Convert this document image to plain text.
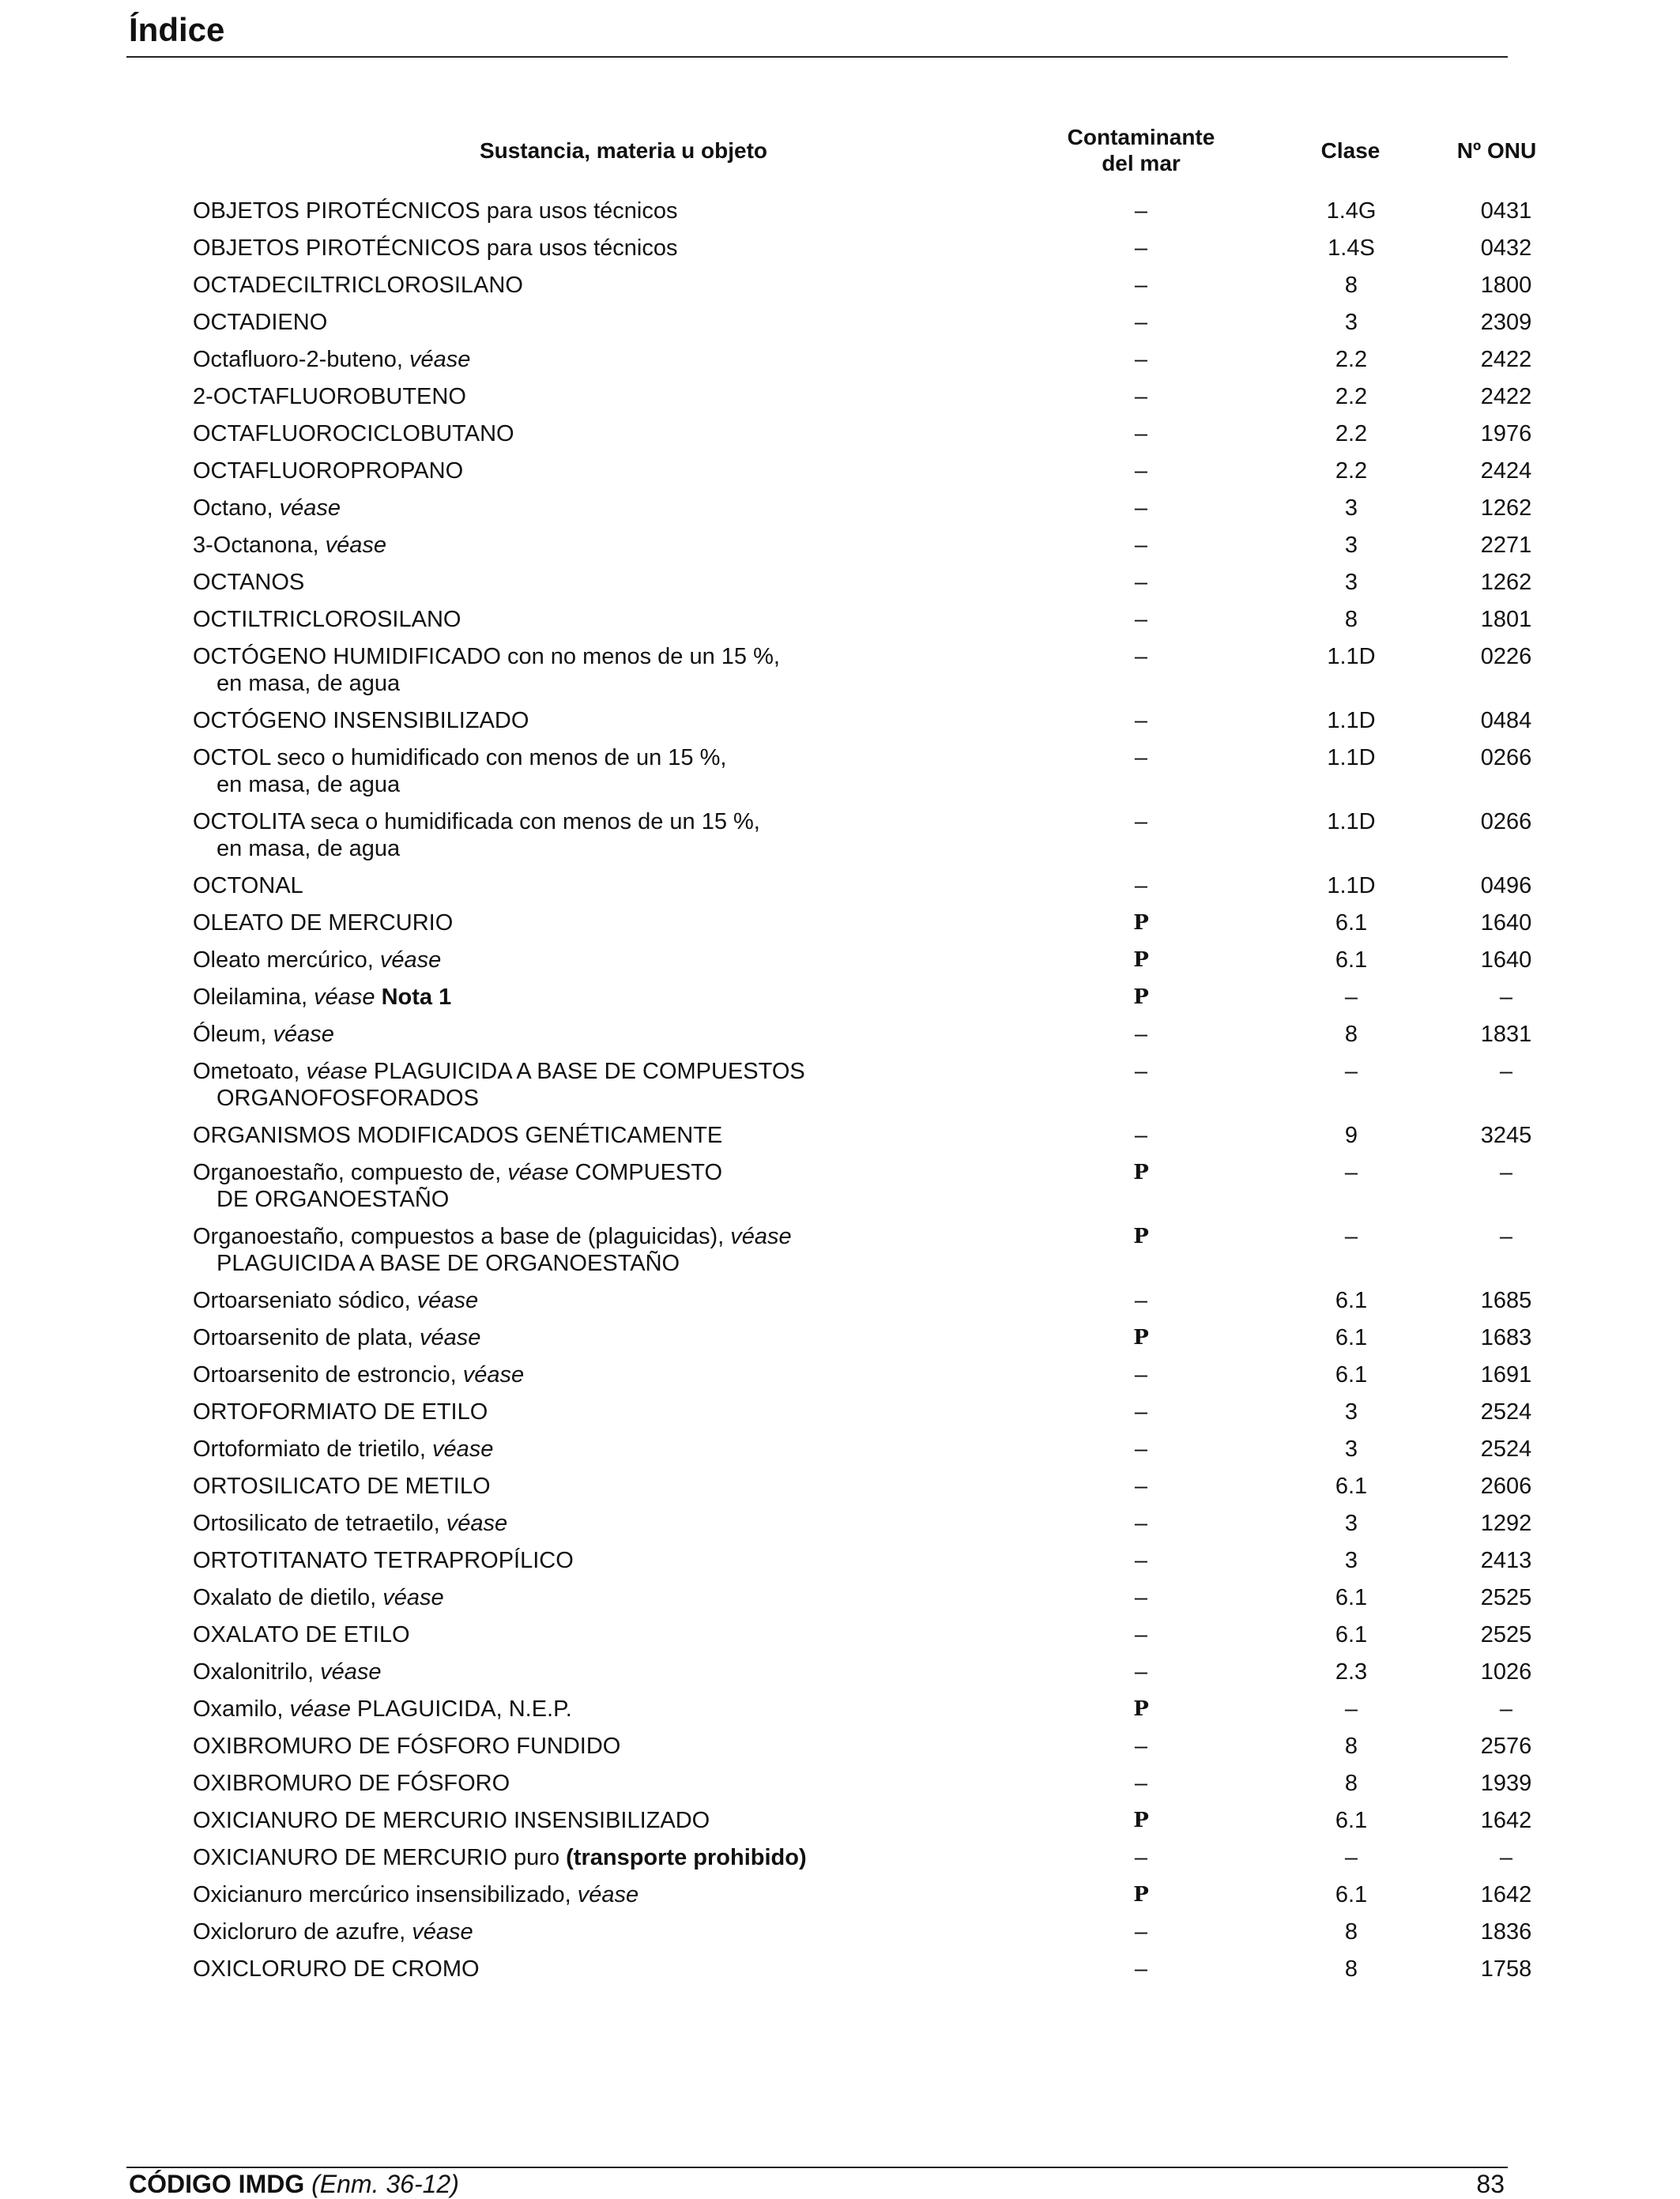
Índice
Sustancia, materia u objeto
Contaminante
del mar
Clase	Nº ONU
OBJETOS PIROTÉCNICOS para usos técnicos	–	1.4G	0431
OBJETOS PIROTÉCNICOS para usos técnicos	–	1.4S	0432
OCTADECILTRICLOROSILANO	–	8	1800
OCTADIENO	–	3	2309
Octafluoro-2-buteno, véase	–	2.2	2422
2-OCTAFLUOROBUTENO	–	2.2	2422
OCTAFLUOROCICLOBUTANO	–	2.2	1976
OCTAFLUOROPROPANO	–	2.2	2424
Octano, véase	–	3	1262
3-Octanona, véase	–	3	2271
OCTANOS	–	3	1262
OCTILTRICLOROSILANO	–	8	1801
OCTÓGENO HUMIDIFICADO con no menos de un 15 %,
en masa, de agua
–	1.1D	0226
OCTÓGENO INSENSIBILIZADO	–	1.1D	0484
OCTOL seco o humidificado con menos de un 15 %,
en masa, de agua
–	1.1D	0266
OCTOLITA seca o humidificada con menos de un 15 %,
en masa, de agua
–	1.1D	0266
OCTONAL	–	1.1D	0496
OLEATO DE MERCURIO	P	6.1	1640
Oleato mercúrico, véase	P	6.1	1640
Oleilamina, véase Nota 1	P	–	–
Óleum, véase	–	8	1831
Ometoato, véase PLAGUICIDA A BASE DE COMPUESTOS
ORGANOFOSFORADOS
–	–	–
ORGANISMOS MODIFICADOS GENÉTICAMENTE	–	9	3245
Organoestaño, compuesto de, véase COMPUESTO
DE ORGANOESTAÑO
P	–	–
Organoestaño, compuestos a base de (plaguicidas), véase
PLAGUICIDA A BASE DE ORGANOESTAÑO
P	–	–
Ortoarseniato sódico, véase	–	6.1	1685
Ortoarsenito de plata, véase	P	6.1	1683
Ortoarsenito de estroncio, véase	–	6.1	1691
ORTOFORMIATO DE ETILO	–	3	2524
Ortoformiato de trietilo, véase	–	3	2524
ORTOSILICATO DE METILO	–	6.1	2606
Ortosilicato de tetraetilo, véase	–	3	1292
ORTOTITANATO TETRAPROPÍLICO	–	3	2413
Oxalato de dietilo, véase	–	6.1	2525
OXALATO DE ETILO	–	6.1	2525
Oxalonitrilo, véase	–	2.3	1026
Oxamilo, véase PLAGUICIDA, N.E.P.	P	–	–
OXIBROMURO DE FÓSFORO FUNDIDO	–	8	2576
OXIBROMURO DE FÓSFORO	–	8	1939
OXICIANURO DE MERCURIO INSENSIBILIZADO	P	6.1	1642
OXICIANURO DE MERCURIO puro (transporte prohibido)	–	–	–
Oxicianuro mercúrico insensibilizado, véase	P	6.1	1642
Oxicloruro de azufre, véase	–	8	1836
OXICLORURO DE CROMO	–	8	1758
CÓDIGO IMDG (Enm. 36-12)	83
